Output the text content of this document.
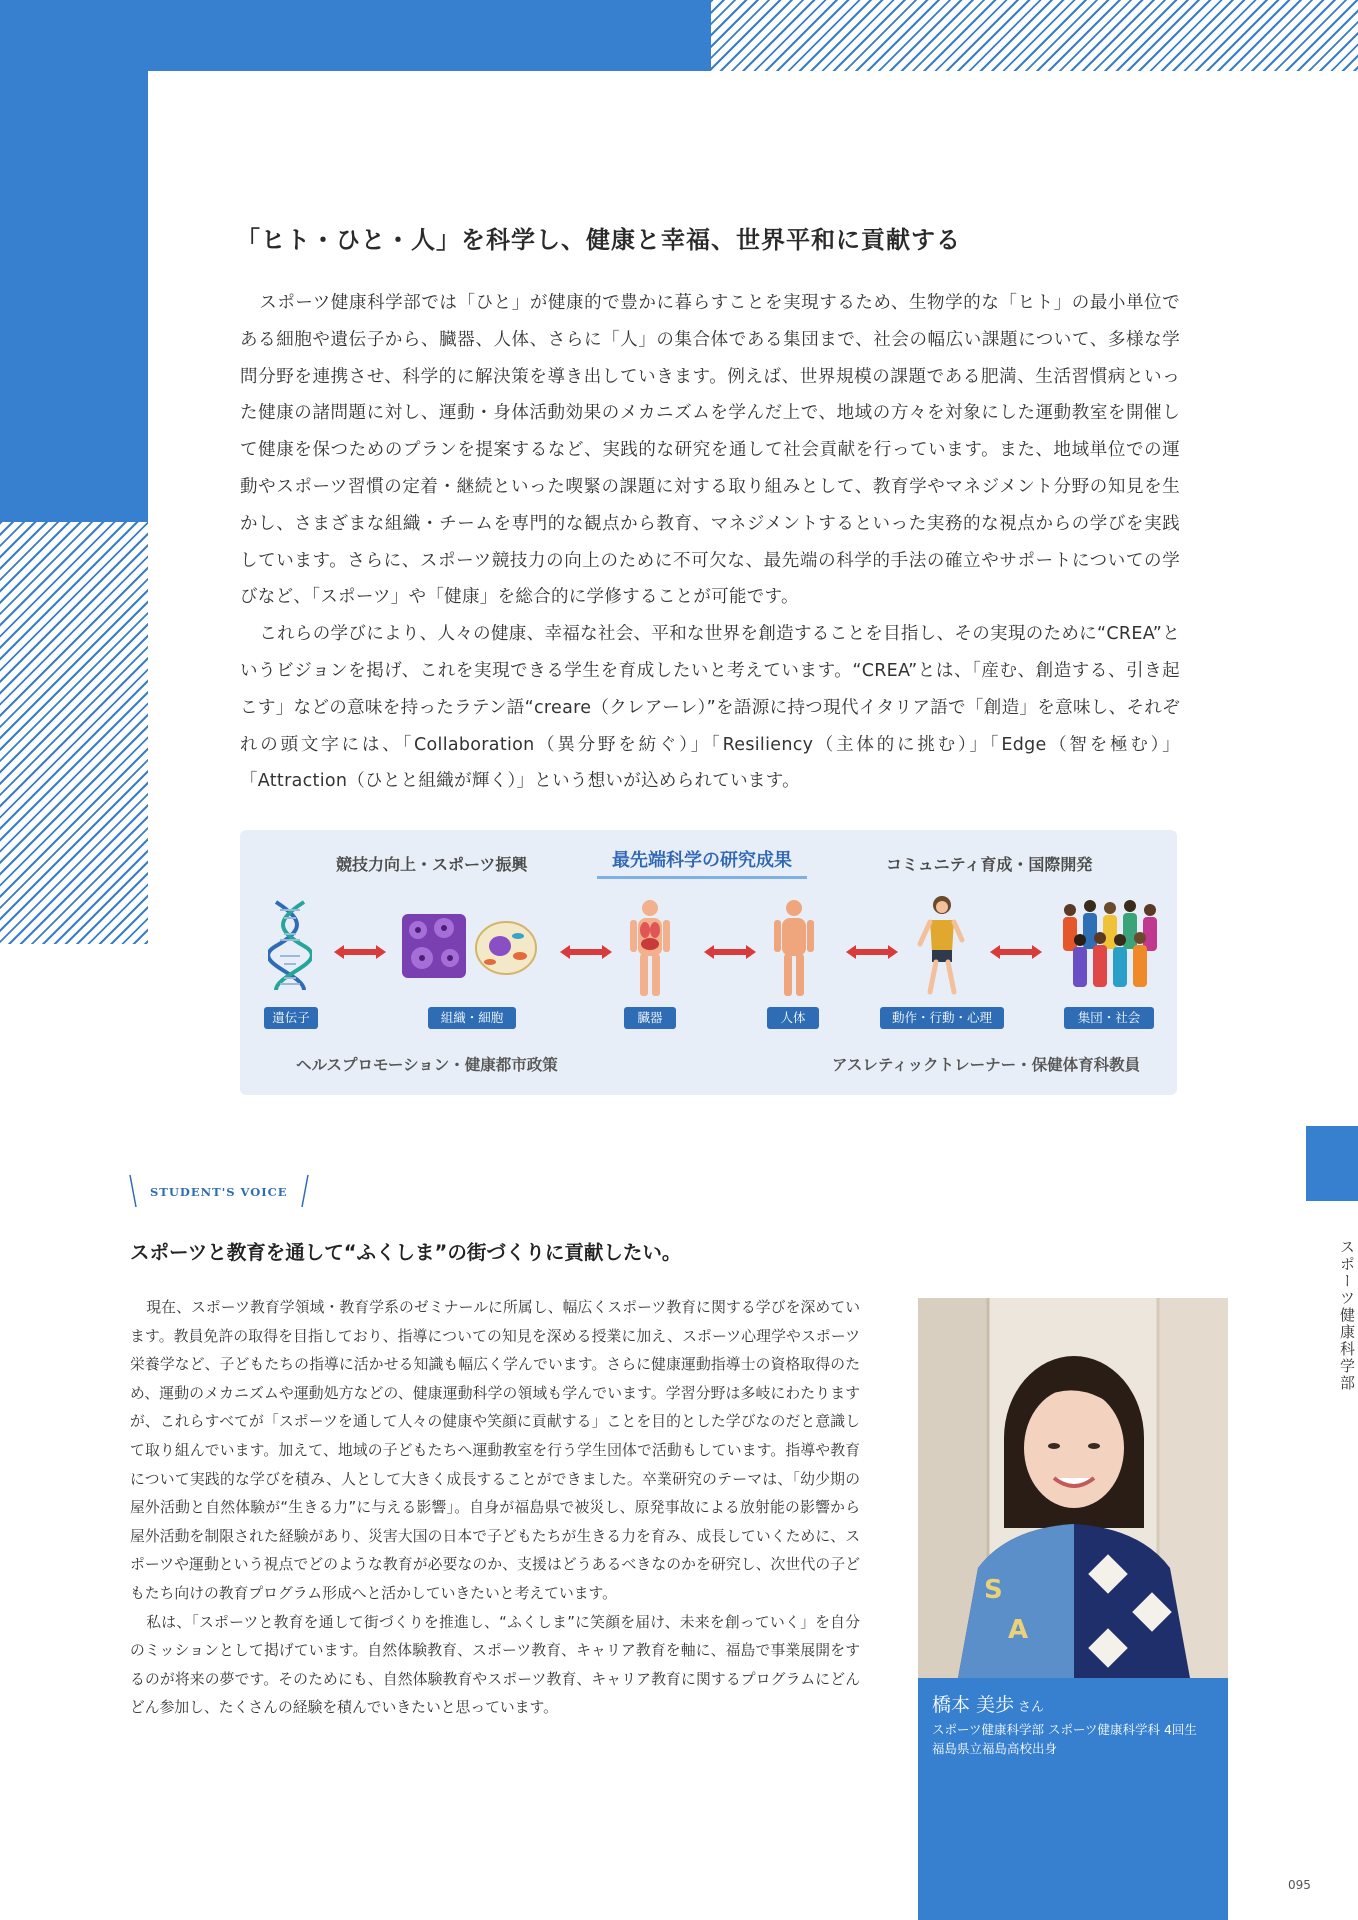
「ヒト・ひと・人」を科学し、健康と幸福、世界平和に貢献する

スポーツ健康科学部では「ひと」が健康的で豊かに暮らすことを実現するため、生物学的な「ヒト」の最小単位である細胞や遺伝子から、臓器、人体、さらに「人」の集合体である集団まで、社会の幅広い課題について、多様な学問分野を連携させ、科学的に解決策を導き出していきます。例えば、世界規模の課題である肥満、生活習慣病といった健康の諸問題に対し、運動・身体活動効果のメカニズムを学んだ上で、地域の方々を対象にした運動教室を開催して健康を保つためのプランを提案するなど、実践的な研究を通して社会貢献を行っています。また、地域単位での運動やスポーツ習慣の定着・継続といった喫緊の課題に対する取り組みとして、教育学やマネジメント分野の知見を生かし、さまざまな組織・チームを専門的な観点から教育、マネジメントするといった実務的な視点からの学びを実践しています。さらに、スポーツ競技力の向上のために不可欠な、最先端の科学的手法の確立やサポートについての学びなど、「スポーツ」や「健康」を総合的に学修することが可能です。

これらの学びにより、人々の健康、幸福な社会、平和な世界を創造することを目指し、その実現のために“CREA”というビジョンを掲げ、これを実現できる学生を育成したいと考えています。“CREA”とは、「産む、創造する、引き起こす」などの意味を持ったラテン語“creare（クレアーレ）”を語源に持つ現代イタリア語で「創造」を意味し、それぞれの頭文字には、「Collaboration（異分野を紡ぐ）」「Resiliency（主体的に挑む）」「Edge（智を極む）」「Attraction（ひとと組織が輝く）」という想いが込められています。

競技力向上・スポーツ振興	最先端科学の研究成果	コミュニティ育成・国際開発
遺伝子	組織・細胞	臓器	人体	動作・行動・心理	集団・社会
ヘルスプロモーション・健康都市政策	アスレティックトレーナー・保健体育科教員
STUDENT'S VOICE
スポーツと教育を通して“ふくしま”の街づくりに貢献したい。

現在、スポーツ教育学領域・教育学系のゼミナールに所属し、幅広くスポーツ教育に関する学びを深めています。教員免許の取得を目指しており、指導についての知見を深める授業に加え、スポーツ心理学やスポーツ栄養学など、子どもたちの指導に活かせる知識も幅広く学んでいます。さらに健康運動指導士の資格取得のため、運動のメカニズムや運動処方などの、健康運動科学の領域も学んでいます。学習分野は多岐にわたりますが、これらすべてが「スポーツを通して人々の健康や笑顔に貢献する」ことを目的とした学びなのだと意識して取り組んでいます。加えて、地域の子どもたちへ運動教室を行う学生団体で活動もしています。指導や教育について実践的な学びを積み、人として大きく成長することができました。卒業研究のテーマは、「幼少期の屋外活動と自然体験が“生きる力”に与える影響」。自身が福島県で被災し、原発事故による放射能の影響から屋外活動を制限された経験があり、災害大国の日本で子どもたちが生きる力を育み、成長していくために、スポーツや運動という視点でどのような教育が必要なのか、支援はどうあるべきなのかを研究し、次世代の子どもたち向けの教育プログラム形成へと活かしていきたいと考えています。

私は、「スポーツと教育を通して街づくりを推進し、“ふくしま”に笑顔を届け、未来を創っていく」を自分のミッションとして掲げています。自然体験教育、スポーツ教育、キャリア教育を軸に、福島で事業展開をするのが将来の夢です。そのためにも、自然体験教育やスポーツ教育、キャリア教育に関するプログラムにどんどん参加し、たくさんの経験を積んでいきたいと思っています。

S
A
橋本 美歩 さん
スポーツ健康科学部 スポーツ健康科学科 4回生
福島県立福島高校出身
スポーツ健康科学部
095
